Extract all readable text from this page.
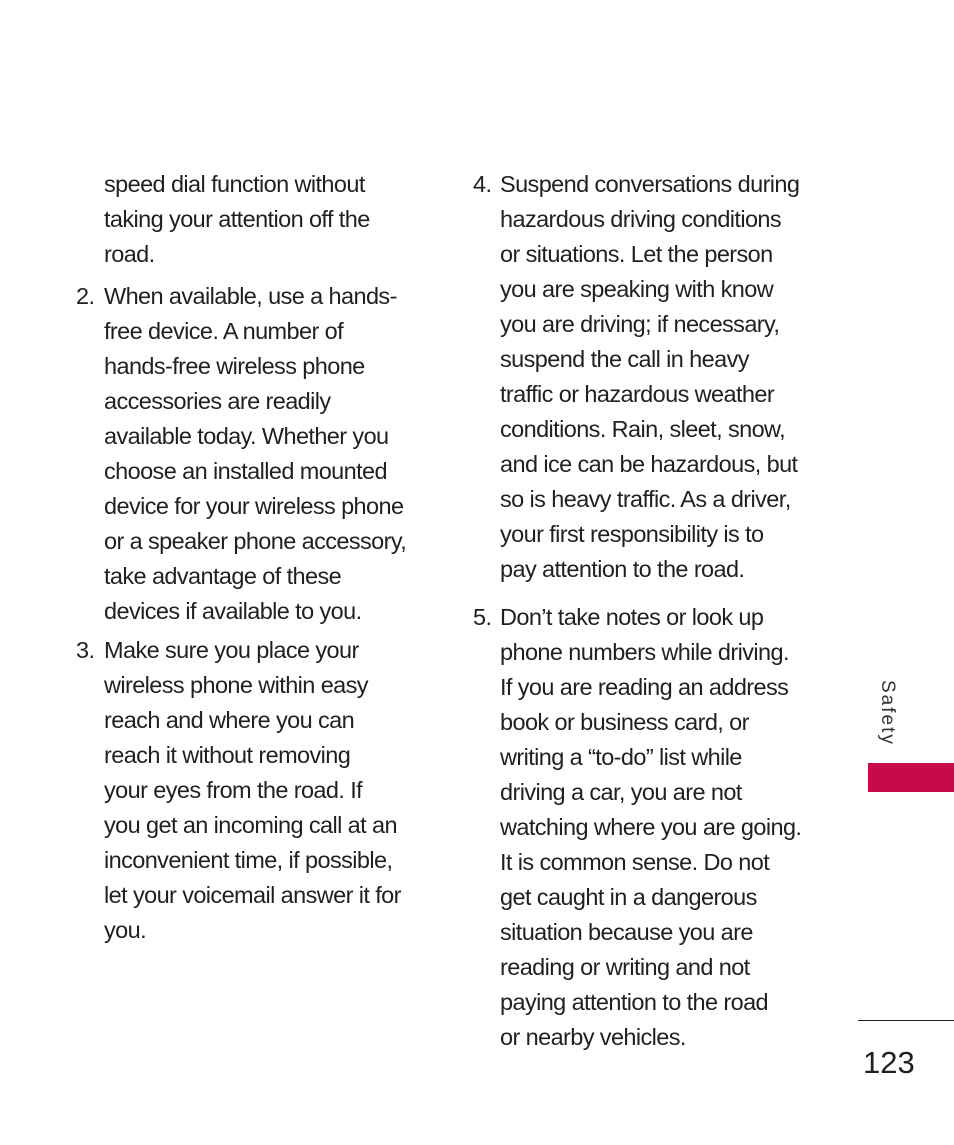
speed dial function without
taking your attention off the
road.
2. When available, use a hands-
free device. A number of
hands-free wireless phone
accessories are readily
available today. Whether you
choose an installed mounted
device for your wireless phone
or a speaker phone accessory,
take advantage of these
devices if available to you.
3. Make sure you place your
wireless phone within easy
reach and where you can
reach it without removing
your eyes from the road. If
you get an incoming call at an
inconvenient time, if possible,
let your voicemail answer it for
you.
4. Suspend conversations during
hazardous driving conditions
or situations. Let the person
you are speaking with know
you are driving; if necessary,
suspend the call in heavy
traffic or hazardous weather
conditions. Rain, sleet, snow,
and ice can be hazardous, but
so is heavy traffic. As a driver,
your first responsibility is to
pay attention to the road.
5. Don’t take notes or look up
phone numbers while driving.
If you are reading an address
book or business card, or
writing a “to-do” list while
driving a car, you are not
watching where you are going.
It is common sense. Do not
get caught in a dangerous
situation because you are
reading or writing and not
paying attention to the road
or nearby vehicles.
Safety
123
